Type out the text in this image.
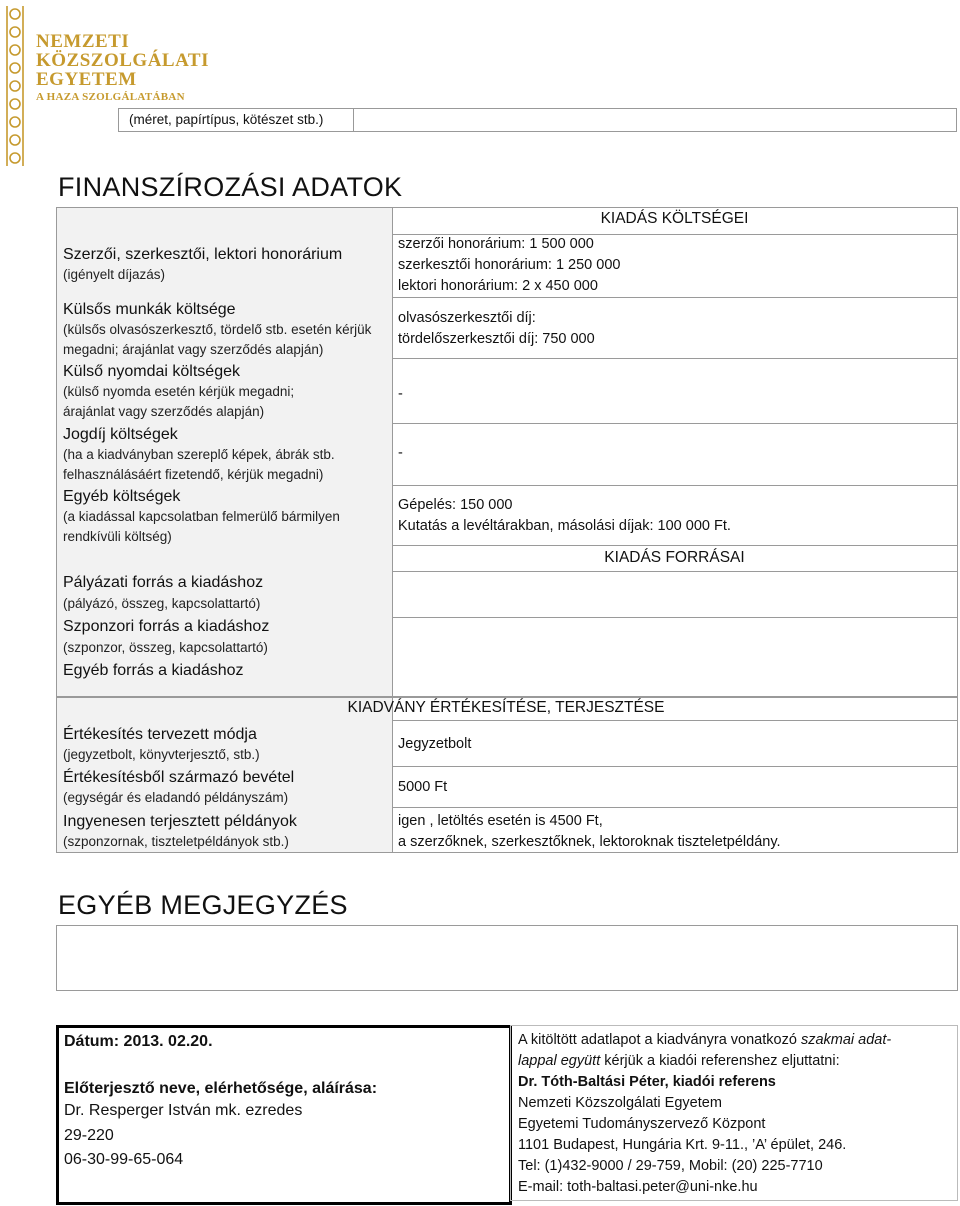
NEMZETI
KÖZSZOLGÁLATI
EGYETEM
A HAZA SZOLGÁLATÁBAN
(méret, papírtípus, kötészet stb.)
FINANSZÍROZÁSI ADATOK
KIADÁS KÖLTSÉGEI
KIADÁS FORRÁSAI
Szerzői, szerkesztői, lektori honorárium
(igényelt díjazás)
Külsős munkák költsége
(külsős olvasószerkesztő, tördelő stb. esetén kérjük
megadni; árajánlat vagy szerződés alapján)
Külső nyomdai költségek
(külső nyomda esetén kérjük megadni;
árajánlat vagy szerződés alapján)
Jogdíj költségek
(ha a kiadványban szereplő képek, ábrák stb.
felhasználásáért fizetendő, kérjük megadni)
Egyéb költségek
(a kiadással kapcsolatban felmerülő bármilyen
rendkívüli költség)
Pályázati forrás a kiadáshoz
(pályázó, összeg, kapcsolattartó)
Szponzori forrás a kiadáshoz
(szponzor, összeg, kapcsolattartó)
Egyéb forrás a kiadáshoz
szerzői honorárium: 1 500 000
szerkesztői honorárium: 1 250 000
lektori honorárium: 2 x 450 000
olvasószerkesztői díj:
tördelőszerkesztői díj: 750 000
-
-
Gépelés: 150 000
Kutatás a levéltárakban, másolási díjak: 100 000 Ft.
KIADVÁNY ÉRTÉKESÍTÉSE, TERJESZTÉSE
Értékesítés tervezett módja
(jegyzetbolt, könyvterjesztő, stb.)
Értékesítésből származó bevétel
(egységár és eladandó példányszám)
Ingyenesen terjesztett példányok
(szponzornak, tiszteletpéldányok stb.)
Jegyzetbolt
5000 Ft
igen , letöltés esetén is 4500 Ft,
a szerzőknek, szerkesztőknek, lektoroknak tiszteletpéldány.
EGYÉB MEGJEGYZÉS
Dátum: 2013. 02.20.
Előterjesztő neve, elérhetősége, aláírása:
Dr. Resperger István mk. ezredes
29-220
06-30-99-65-064
A kitöltött adatlapot a kiadványra vonatkozó szakmai adat-
lappal együtt kérjük a kiadói referenshez eljuttatni:
Dr. Tóth-Baltási Péter, kiadói referens
Nemzeti Közszolgálati Egyetem
Egyetemi Tudományszervező Központ
1101 Budapest, Hungária Krt. 9-11., ’A’ épület, 246.
Tel: (1)432-9000 / 29-759, Mobil: (20) 225-7710
E-mail: toth-baltasi.peter@uni-nke.hu
